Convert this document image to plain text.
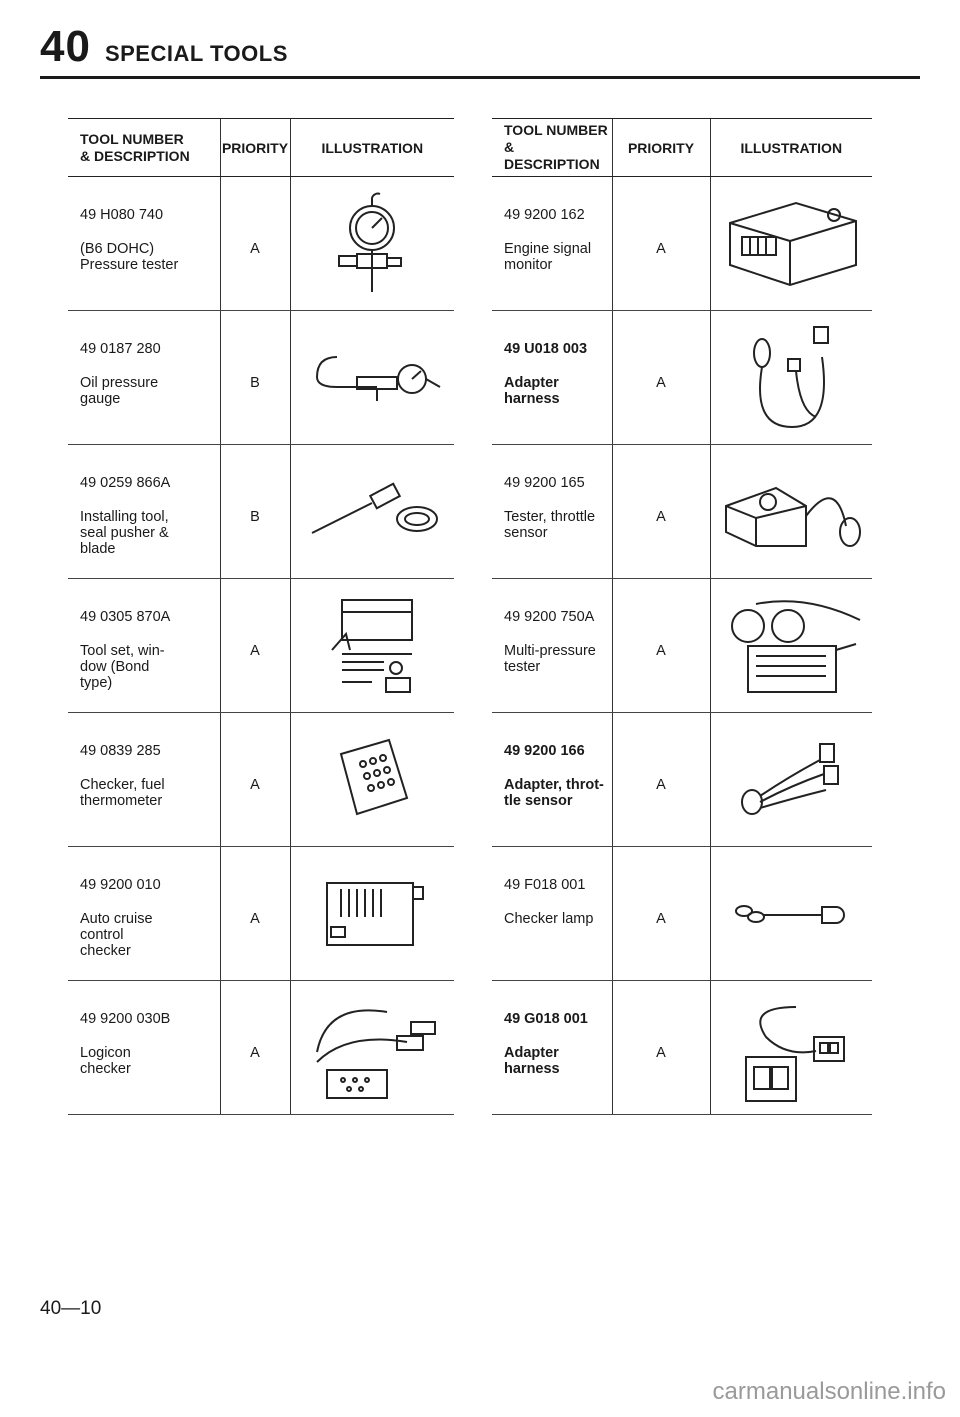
40 SPECIAL TOOLS
TOOL NUMBER
& DESCRIPTION	PRIORITY	ILLUSTRATION

49 H080 740
(B6 DOHC)
Pressure tester	A

49 0187 280
Oil pressure
gauge	B

49 0259 866A
Installing tool,
seal pusher &
blade	B

49 0305 870A
Tool set, win-
dow (Bond
type)	A

49 0839 285
Checker, fuel
thermometer	A

49 9200 010
Auto cruise
control
checker	A

49 9200 030B
Logicon
checker	A

TOOL NUMBER
& DESCRIPTION	PRIORITY	ILLUSTRATION

49 9200 162
Engine signal
monitor	A

49 U018 003
Adapter
harness	A

49 9200 165
Tester, throttle
sensor	A

49 9200 750A
Multi-pressure
tester	A

49 9200 166
Adapter, throt-
tle sensor	A

49 F018 001
Checker lamp	A

49 G018 001
Adapter
harness	A

40—10
carmanualsonline.info
